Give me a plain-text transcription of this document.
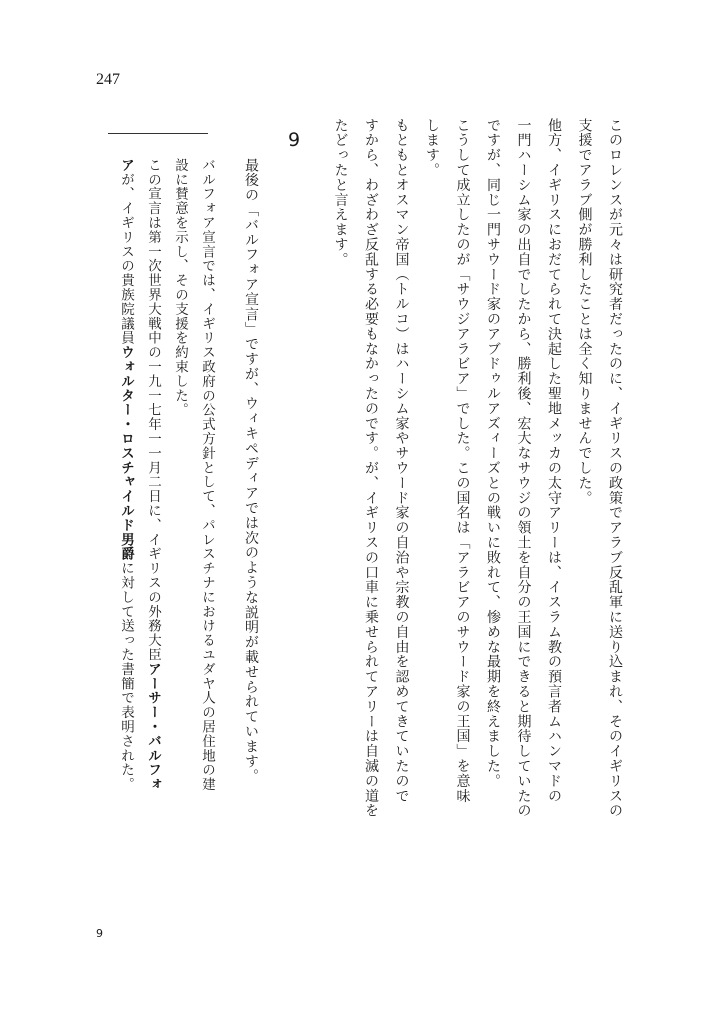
247
このロレンスが元々は研究者だったのに、イギリスの政策でアラブ反乱軍に送り込まれ、そのイギリスの
支援でアラブ側が勝利したことは全く知りませんでした。
他方、イギリスにおだてられて決起した聖地メッカの太守アリーは、イスラム教の預言者ムハンマドの
一門ハーシム家の出自でしたから、勝利後、宏大なサウジの領土を自分の王国にできると期待していたの
ですが、同じ一門サウード家のアブドゥルアズィーズとの戦いに敗れて、惨めな最期を終えました。
こうして成立したのが「サウジアラビア」でした。この国名は「アラビアのサウード家の王国」を意味
します。
もともとオスマン帝国（トルコ）はハーシム家やサウード家の自治や宗教の自由を認めてきていたので
すから、わざわざ反乱する必要もなかったのです。が、イギリスの口車に乗せられてアリーは自滅の道を
たどったと言えます。
9
最後の「バルフォア宣言」ですが、ウィキペディアでは次のような説明が載せられています。
バルフォア宣言では、イギリス政府の公式方針として、パレスチナにおけるユダヤ人の居住地の建
設に賛意を示し、その支援を約束した。
この宣言は第一次世界大戦中の一九一七年一一月二日に、イギリスの外務大臣アーサー・バルフォ
アが、イギリスの貴族院議員ウォルター・ロスチャイルド男爵に対して送った書簡で表明された。
9
